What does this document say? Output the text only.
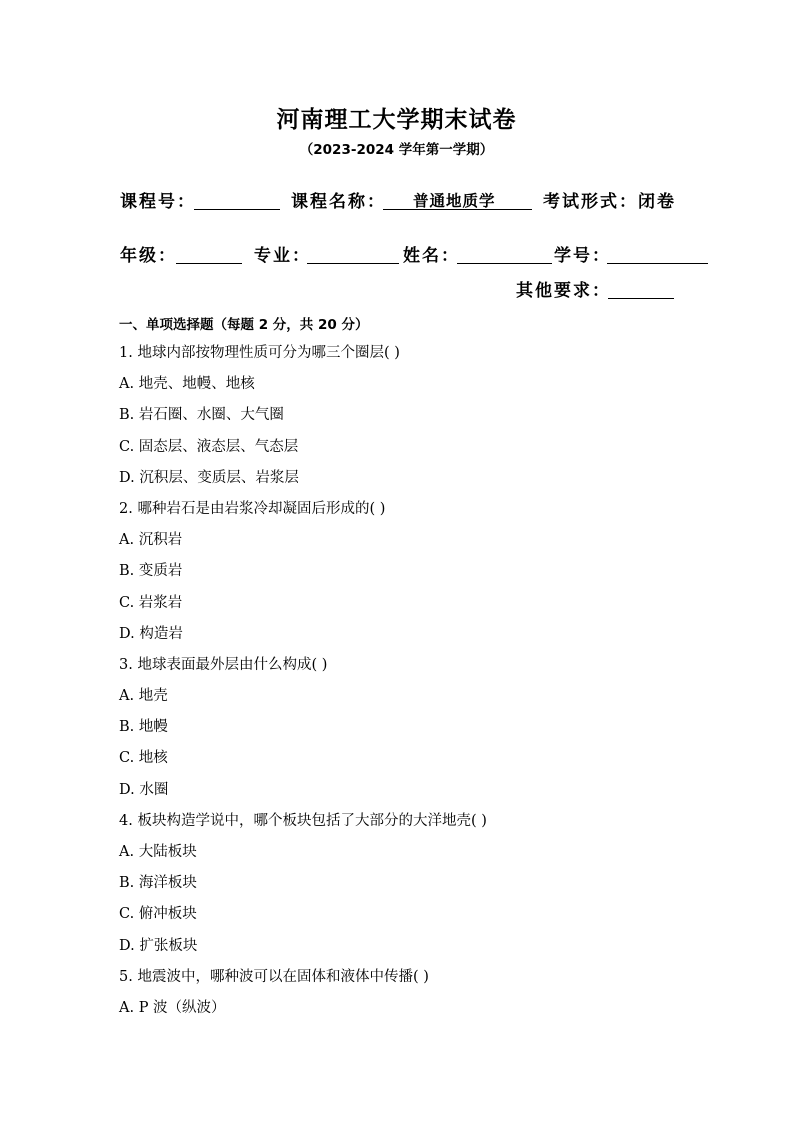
河南理工大学期末试卷
（2023-2024 学年第一学期）
课程号：	课程名称： 普通地质学	考试形式：闭卷
年级：	专业：	姓名：	学号：
其他要求：
一、单项选择题（每题 2 分，共 20 分）
1. 地球内部按物理性质可分为哪三个圈层( )
A. 地壳、地幔、地核
B. 岩石圈、水圈、大气圈
C. 固态层、液态层、气态层
D. 沉积层、变质层、岩浆层
2. 哪种岩石是由岩浆冷却凝固后形成的( )
A. 沉积岩
B. 变质岩
C. 岩浆岩
D. 构造岩
3. 地球表面最外层由什么构成( )
A. 地壳
B. 地幔
C. 地核
D. 水圈
4. 板块构造学说中，哪个板块包括了大部分的大洋地壳( )
A. 大陆板块
B. 海洋板块
C. 俯冲板块
D. 扩张板块
5. 地震波中，哪种波可以在固体和液体中传播( )
A. P 波（纵波）
